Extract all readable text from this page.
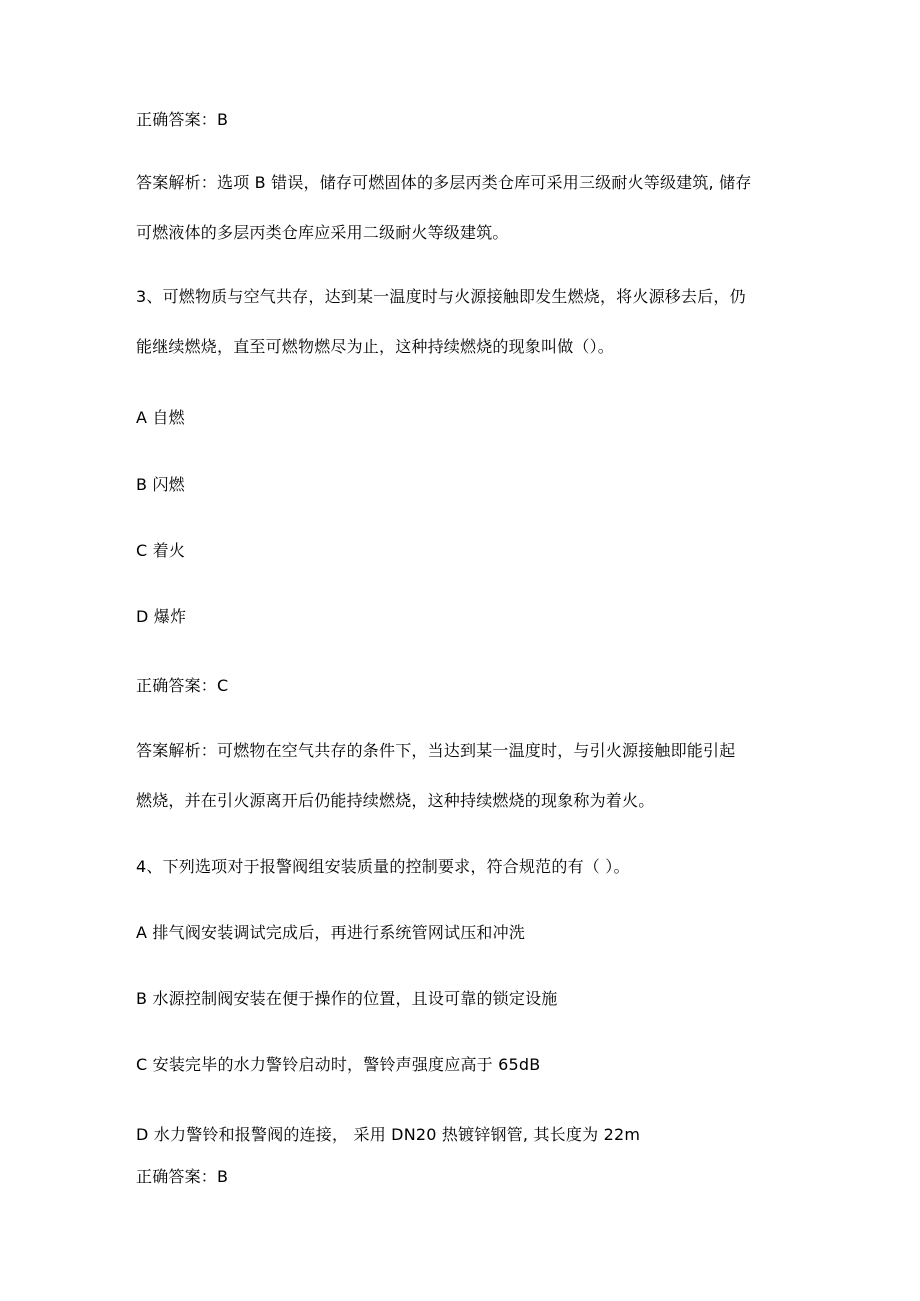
正确答案：B
答案解析：选项 B 错误，储存可燃固体的多层丙类仓库可采用三级耐火等级建筑, 储存
可燃液体的多层丙类仓库应采用二级耐火等级建筑。
3、可燃物质与空气共存，达到某一温度时与火源接触即发生燃烧，将火源移去后，仍
能继续燃烧，直至可燃物燃尽为止，这种持续燃烧的现象叫做（）。
A 自燃
B 闪燃
C 着火
D 爆炸
正确答案：C
答案解析：可燃物在空气共存的条件下，当达到某一温度时，与引火源接触即能引起
燃烧，并在引火源离开后仍能持续燃烧，这种持续燃烧的现象称为着火。
4、下列选项对于报警阀组安装质量的控制要求，符合规范的有（ ）。
A 排气阀安装调试完成后，再进行系统管网试压和冲洗
B 水源控制阀安装在便于操作的位置，且设可靠的锁定设施
C 安装完毕的水力警铃启动时，警铃声强度应高于 65dB
D 水力警铃和报警阀的连接， 采用 DN20 热镀锌钢管, 其长度为 22m
正确答案：B
